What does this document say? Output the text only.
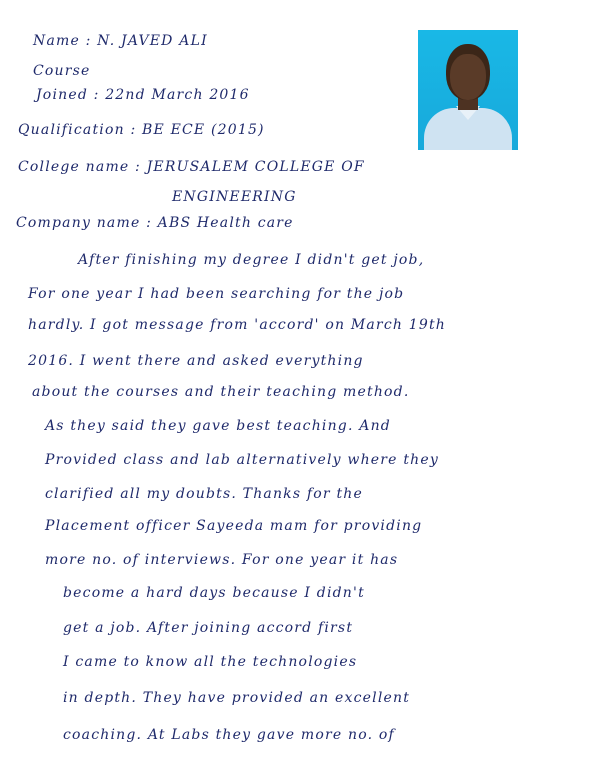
Name : N. JAVED ALI
Course
Joined : 22nd March 2016
Qualification : BE ECE (2015)
College name : JERUSALEM COLLEGE OF
ENGINEERING
Company name : ABS Health care
After finishing my degree I didn't get job,
For one year I had been searching for the job
hardly. I got message from 'accord' on March 19th
2016. I went there and asked everything
about the courses and their teaching method.
As they said they gave best teaching. And
Provided class and lab alternatively where they
clarified all my doubts. Thanks for the
Placement officer Sayeeda mam for providing
more no. of interviews. For one year it has
become a hard days because I didn't
get a job. After joining accord first
I came to know all the technologies
in depth. They have provided an excellent
coaching. At Labs they gave more no. of
